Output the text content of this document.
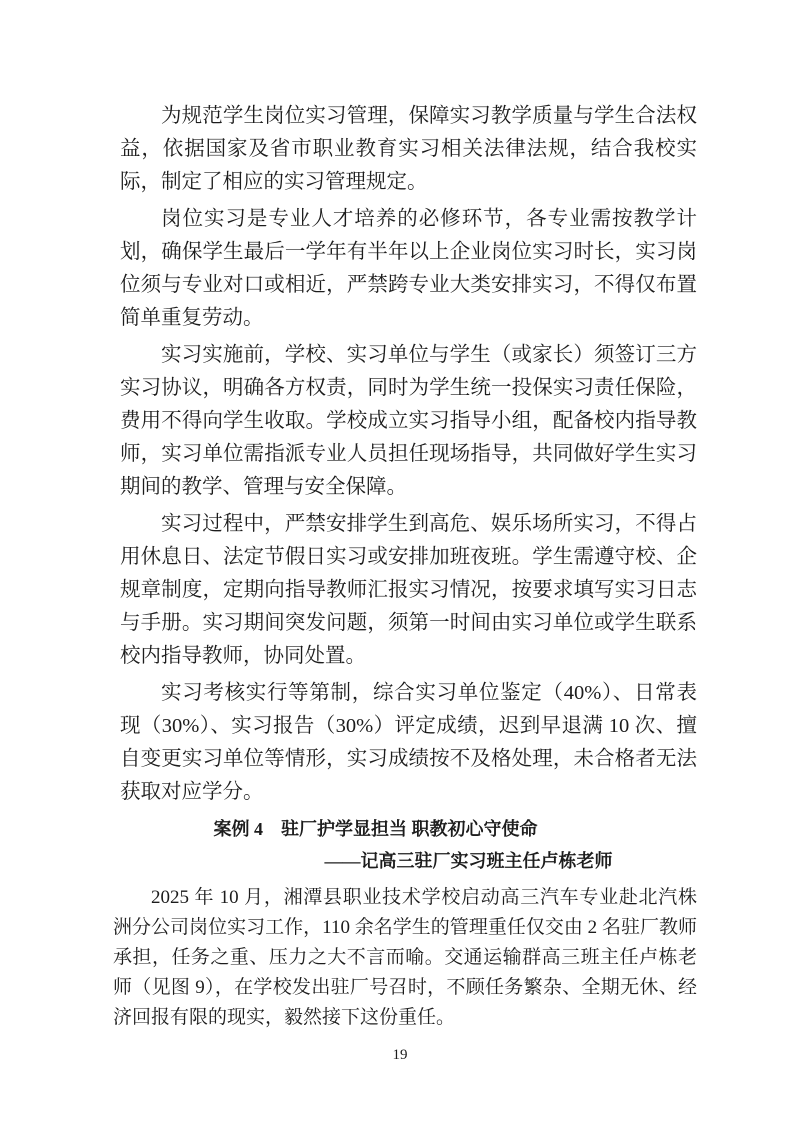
为规范学生岗位实习管理，保障实习教学质量与学生合法权益，依据国家及省市职业教育实习相关法律法规，结合我校实际，制定了相应的实习管理规定。

岗位实习是专业人才培养的必修环节，各专业需按教学计划，确保学生最后一学年有半年以上企业岗位实习时长，实习岗位须与专业对口或相近，严禁跨专业大类安排实习，不得仅布置简单重复劳动。

实习实施前，学校、实习单位与学生（或家长）须签订三方实习协议，明确各方权责，同时为学生统一投保实习责任保险，费用不得向学生收取。学校成立实习指导小组，配备校内指导教师，实习单位需指派专业人员担任现场指导，共同做好学生实习期间的教学、管理与安全保障。

实习过程中，严禁安排学生到高危、娱乐场所实习，不得占用休息日、法定节假日实习或安排加班夜班。学生需遵守校、企规章制度，定期向指导教师汇报实习情况，按要求填写实习日志与手册。实习期间突发问题，须第一时间由实习单位或学生联系校内指导教师，协同处置。

实习考核实行等第制，综合实习单位鉴定（40%）、日常表现（30%）、实习报告（30%）评定成绩，迟到早退满 10 次、擅自变更实习单位等情形，实习成绩按不及格处理，未合格者无法获取对应学分。

案例 4　驻厂护学显担当 职教初心守使命
——记高三驻厂实习班主任卢栋老师

2025 年 10 月，湘潭县职业技术学校启动高三汽车专业赴北汽株洲分公司岗位实习工作，110 余名学生的管理重任仅交由 2 名驻厂教师承担，任务之重、压力之大不言而喻。交通运输群高三班主任卢栋老师（见图 9），在学校发出驻厂号召时，不顾任务繁杂、全期无休、经济回报有限的现实，毅然接下这份重任。

19
